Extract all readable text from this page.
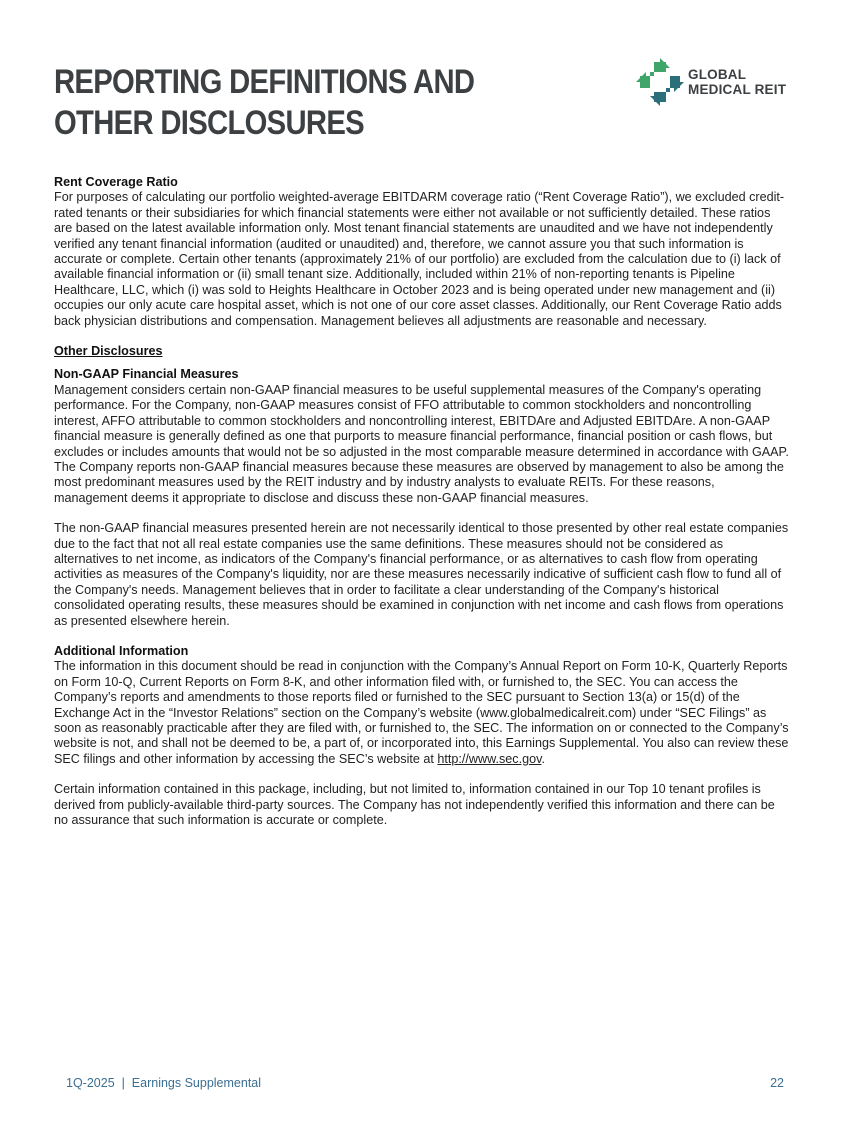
REPORTING DEFINITIONS AND
OTHER DISCLOSURES
GLOBAL
MEDICAL REIT

Rent Coverage Ratio

For purposes of calculating our portfolio weighted-average EBITDARM coverage ratio (“Rent Coverage Ratio”), we excluded credit-rated tenants or their subsidiaries for which financial statements were either not available or not sufficiently detailed. These ratios are based on the latest available information only. Most tenant financial statements are unaudited and we have not independently verified any tenant financial information (audited or unaudited) and, therefore, we cannot assure you that such information is accurate or complete. Certain other tenants (approximately 21% of our portfolio) are excluded from the calculation due to (i) lack of available financial information or (ii) small tenant size. Additionally, included within 21% of non-reporting tenants is Pipeline Healthcare, LLC, which (i) was sold to Heights Healthcare in October 2023 and is being operated under new management and (ii) occupies our only acute care hospital asset, which is not one of our core asset classes. Additionally, our Rent Coverage Ratio adds back physician distributions and compensation. Management believes all adjustments are reasonable and necessary.

Other Disclosures

Non-GAAP Financial Measures

Management considers certain non-GAAP financial measures to be useful supplemental measures of the Company's operating performance. For the Company, non-GAAP measures consist of FFO attributable to common stockholders and noncontrolling interest, AFFO attributable to common stockholders and noncontrolling interest, EBITDAre and Adjusted EBITDAre. A non-GAAP financial measure is generally defined as one that purports to measure financial performance, financial position or cash flows, but excludes or includes amounts that would not be so adjusted in the most comparable measure determined in accordance with GAAP. The Company reports non-GAAP financial measures because these measures are observed by management to also be among the most predominant measures used by the REIT industry and by industry analysts to evaluate REITs. For these reasons, management deems it appropriate to disclose and discuss these non-GAAP financial measures.

The non-GAAP financial measures presented herein are not necessarily identical to those presented by other real estate companies due to the fact that not all real estate companies use the same definitions. These measures should not be considered as alternatives to net income, as indicators of the Company's financial performance, or as alternatives to cash flow from operating activities as measures of the Company's liquidity, nor are these measures necessarily indicative of sufficient cash flow to fund all of the Company's needs. Management believes that in order to facilitate a clear understanding of the Company's historical consolidated operating results, these measures should be examined in conjunction with net income and cash flows from operations as presented elsewhere herein.

Additional Information

The information in this document should be read in conjunction with the Company’s Annual Report on Form 10-K, Quarterly Reports on Form 10-Q, Current Reports on Form 8-K, and other information filed with, or furnished to, the SEC. You can access the Company’s reports and amendments to those reports filed or furnished to the SEC pursuant to Section 13(a) or 15(d) of the Exchange Act in the “Investor Relations” section on the Company’s website (www.globalmedicalreit.com) under “SEC Filings” as soon as reasonably practicable after they are filed with, or furnished to, the SEC. The information on or connected to the Company’s website is not, and shall not be deemed to be, a part of, or incorporated into, this Earnings Supplemental. You also can review these SEC filings and other information by accessing the SEC’s website at http://www.sec.gov.

Certain information contained in this package, including, but not limited to, information contained in our Top 10 tenant profiles is derived from publicly-available third-party sources. The Company has not independently verified this information and there can be no assurance that such information is accurate or complete.

1Q-2025  |  Earnings Supplemental	22
